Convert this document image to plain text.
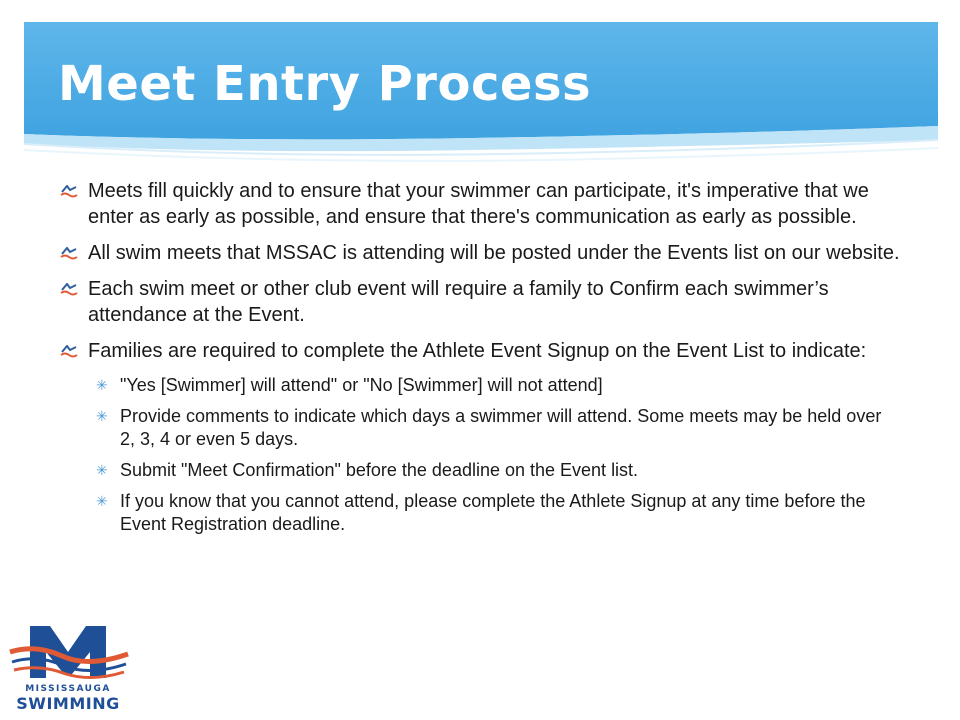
Meet Entry Process
Meets fill quickly and to ensure that your swimmer can participate, it's imperative that we enter as early as possible, and ensure that there's communication as early as possible.
All swim meets that MSSAC is attending will be posted under the Events list on our website.
Each swim meet or other club event will require a family to Confirm each swimmer’s attendance at the Event.
Families are required to complete the Athlete Event Signup on the Event List to indicate:
✳ "Yes [Swimmer] will attend" or "No [Swimmer] will not attend]
✳ Provide comments to indicate which days a swimmer will attend. Some meets may be held over 2, 3, 4 or even 5 days.
✳ Submit "Meet Confirmation" before the deadline on the Event list.
✳ If you know that you cannot attend, please complete the Athlete Signup at any time before the Event Registration deadline.
MISSISSAUGA
SWIMMING
